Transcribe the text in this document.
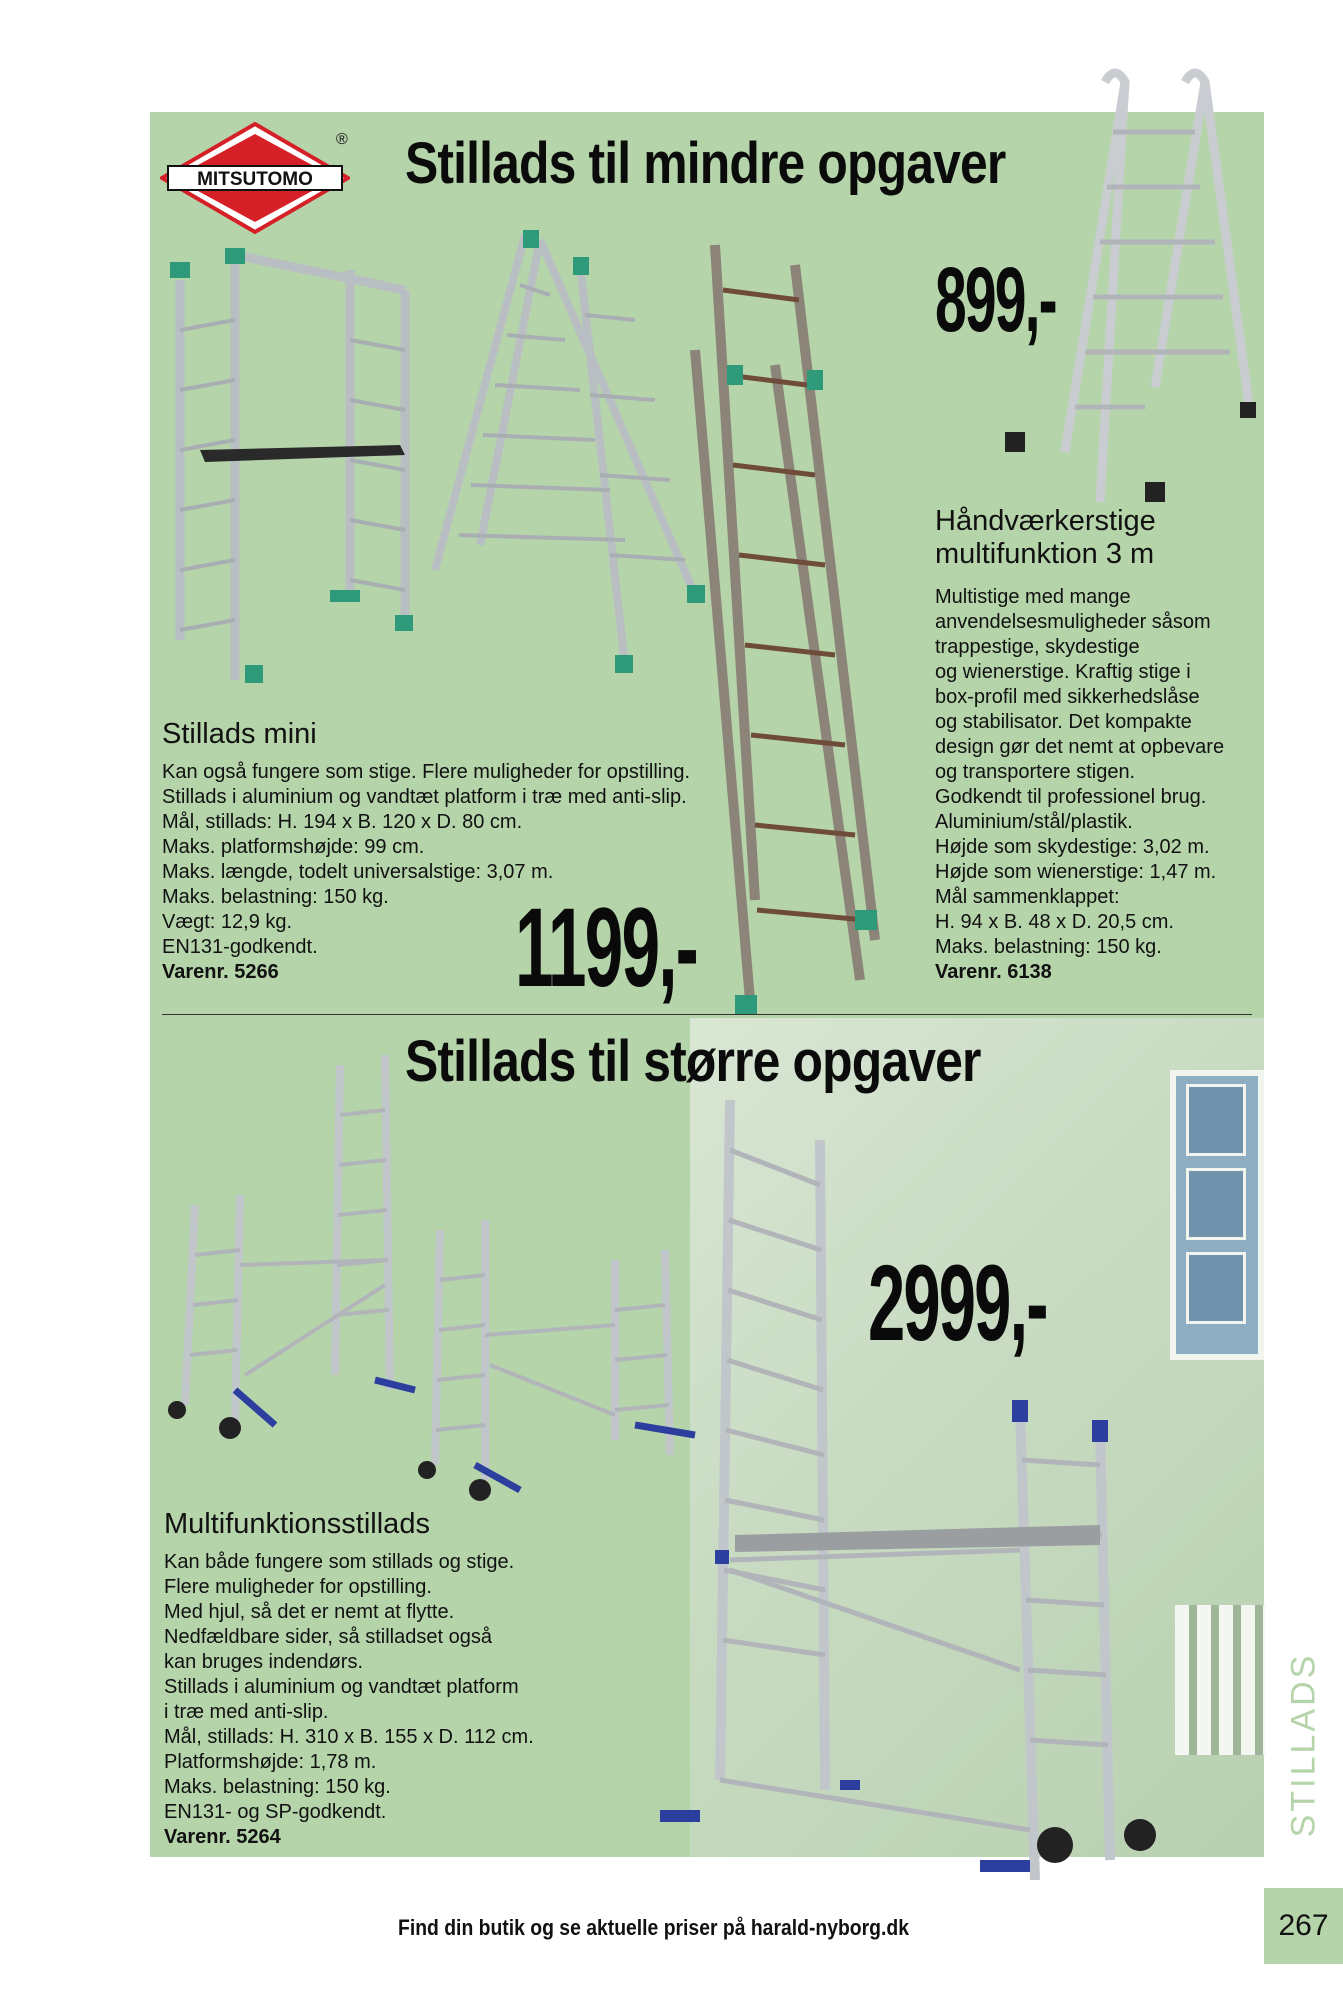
MITSUTOMO
® Stillads til mindre opgaver
899,-
Håndværkerstige
multifunktion 3 m
Multistige med mange
anvendelsesmuligheder såsom
trappestige, skydestige
og wienerstige. Kraftig stige i
box-profil med sikkerhedslåse
og stabilisator. Det kompakte
design gør det nemt at opbevare
og transportere stigen.
Godkendt til professionel brug.
Aluminium/stål/plastik.
Højde som skydestige: 3,02 m.
Højde som wienerstige: 1,47 m.
Mål sammenklappet:
H. 94 x B. 48 x D. 20,5 cm.
Maks. belastning: 150 kg.
Varenr. 6138
Stillads mini
Kan også fungere som stige. Flere muligheder for opstilling.
Stillads i aluminium og vandtæt platform i træ med anti-slip.
Mål, stillads: H. 194 x B. 120 x D. 80 cm.
Maks. platformshøjde: 99 cm.
Maks. længde, todelt universalstige: 3,07 m.
Maks. belastning: 150 kg.
Vægt: 12,9 kg.
EN131-godkendt.
Varenr. 5266	1199,-
Stillads til større opgaver
2999,-
Multifunktionsstillads
Kan både fungere som stillads og stige.
Flere muligheder for opstilling.
Med hjul, så det er nemt at flytte.
Nedfældbare sider, så stilladset også
kan bruges indendørs.
Stillads i aluminium og vandtæt platform
i træ med anti-slip.
Mål, stillads: H. 310 x B. 155 x D. 112 cm.
Platformshøjde: 1,78 m.
Maks. belastning: 150 kg.
EN131- og SP-godkendt.
Varenr. 5264	STILLADS
267
Find din butik og se aktuelle priser på harald-nyborg.dk
